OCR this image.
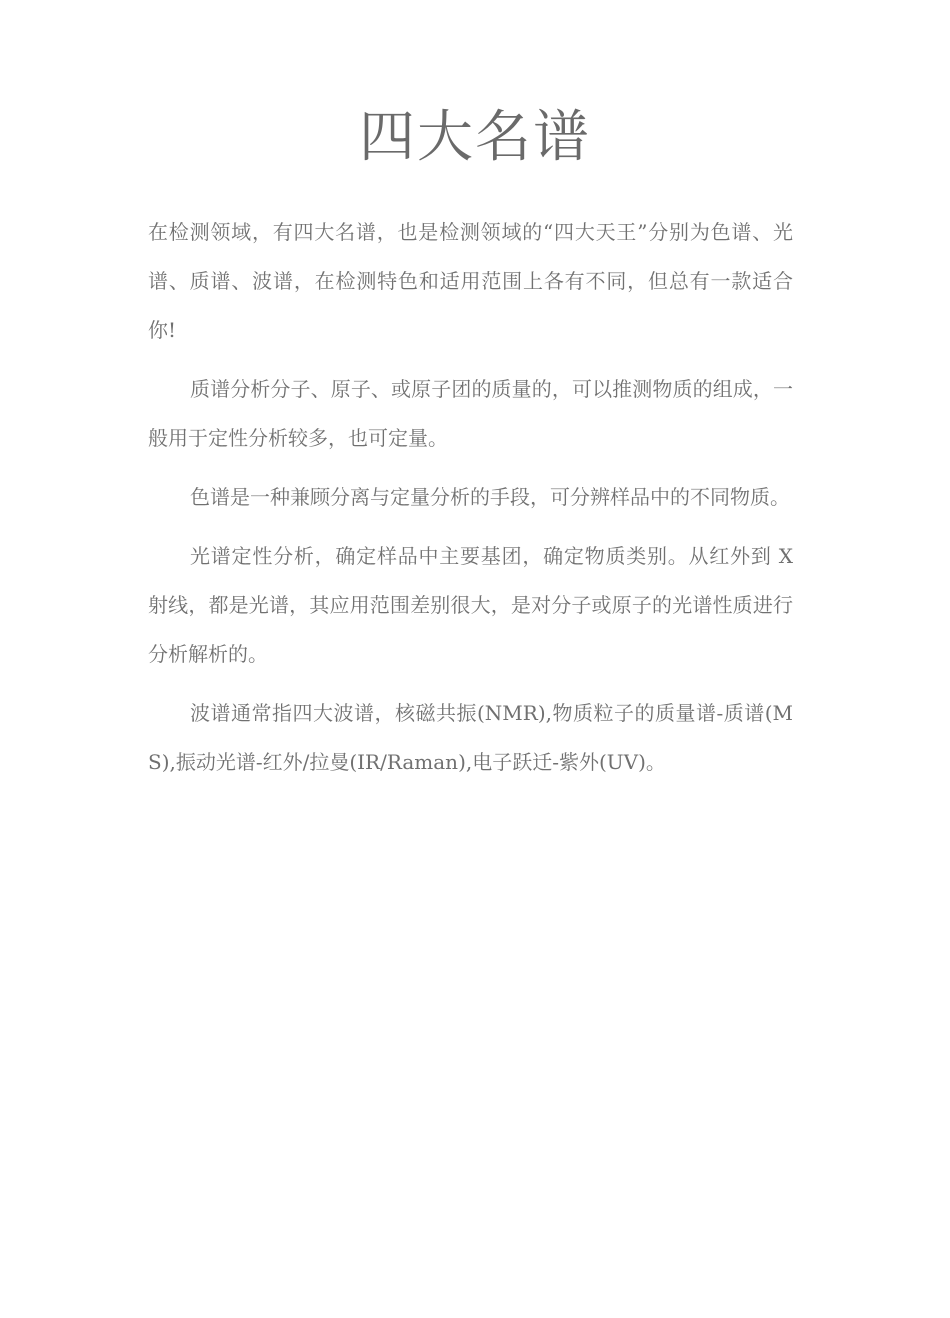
四大名谱

在检测领域，有四大名谱，也是检测领域的“四大天王”分别为色谱、光谱、质谱、波谱，在检测特色和适用范围上各有不同，但总有一款适合你!

质谱分析分子、原子、或原子团的质量的，可以推测物质的组成，一般用于定性分析较多，也可定量。

色谱是一种兼顾分离与定量分析的手段，可分辨样品中的不同物质。

光谱定性分析，确定样品中主要基团，确定物质类别。从红外到 X 射线，都是光谱，其应用范围差别很大，是对分子或原子的光谱性质进行分析解析的。

波谱通常指四大波谱，核磁共振(NMR),物质粒子的质量谱-质谱(MS),振动光谱-红外/拉曼(IR/Raman),电子跃迁-紫外(UV)。
